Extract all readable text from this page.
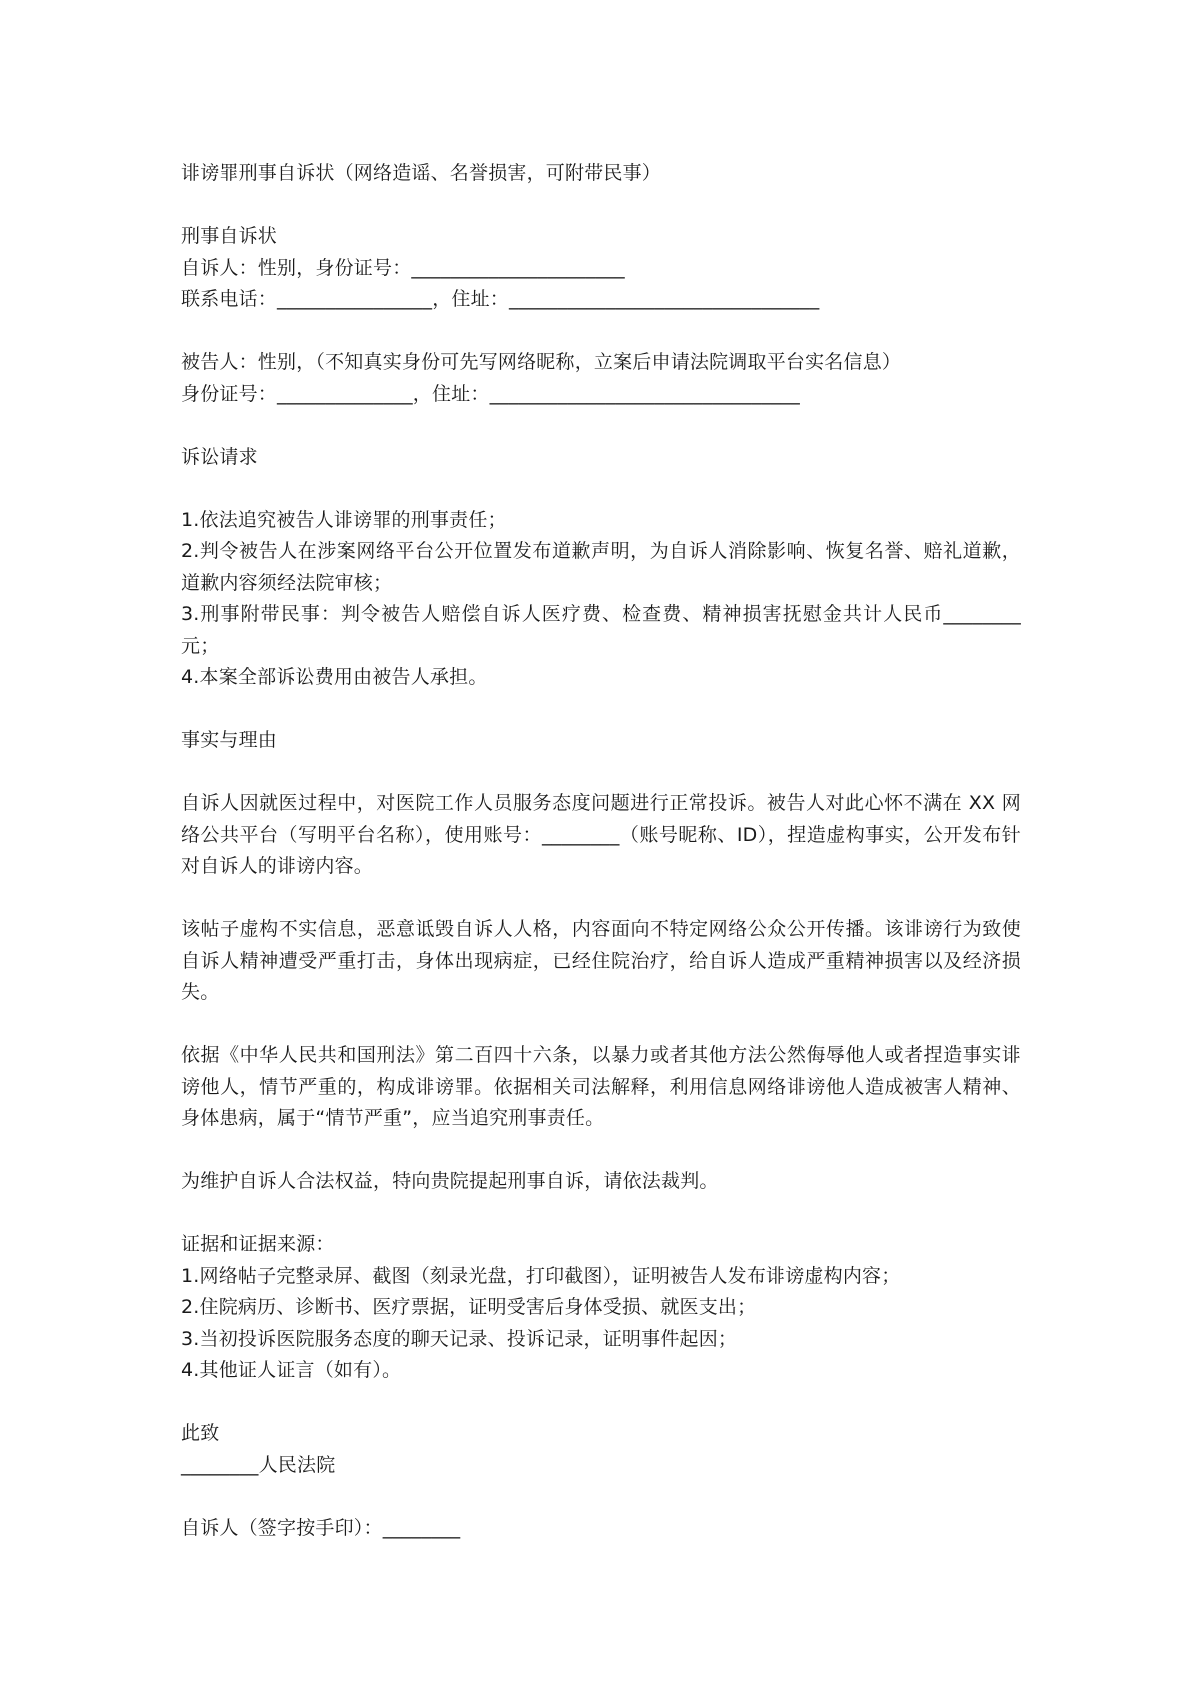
诽谤罪刑事自诉状（网络造谣、名誉损害，可附带民事）
刑事自诉状
自诉人：性别，身份证号：______________________
联系电话：________________，住址：________________________________
被告人：性别，（不知真实身份可先写网络昵称，立案后申请法院调取平台实名信息）
身份证号：______________，住址：________________________________
诉讼请求
1.依法追究被告人诽谤罪的刑事责任；
2.判令被告人在涉案网络平台公开位置发布道歉声明，为自诉人消除影响、恢复名誉、赔礼道歉，道歉内容须经法院审核；
3.刑事附带民事：判令被告人赔偿自诉人医疗费、检查费、精神损害抚慰金共计人民币________元；
4.本案全部诉讼费用由被告人承担。
事实与理由
自诉人因就医过程中，对医院工作人员服务态度问题进行正常投诉。被告人对此心怀不满在 XX 网络公共平台（写明平台名称），使用账号：________（账号昵称、ID），捏造虚构事实，公开发布针对自诉人的诽谤内容。
该帖子虚构不实信息，恶意诋毁自诉人人格，内容面向不特定网络公众公开传播。该诽谤行为致使自诉人精神遭受严重打击，身体出现病症，已经住院治疗，给自诉人造成严重精神损害以及经济损失。
依据《中华人民共和国刑法》第二百四十六条，以暴力或者其他方法公然侮辱他人或者捏造事实诽谤他人，情节严重的，构成诽谤罪。依据相关司法解释，利用信息网络诽谤他人造成被害人精神、身体患病，属于“情节严重”，应当追究刑事责任。
为维护自诉人合法权益，特向贵院提起刑事自诉，请依法裁判。
证据和证据来源：
1.网络帖子完整录屏、截图（刻录光盘，打印截图），证明被告人发布诽谤虚构内容；
2.住院病历、诊断书、医疗票据，证明受害后身体受损、就医支出；
3.当初投诉医院服务态度的聊天记录、投诉记录，证明事件起因；
4.其他证人证言（如有）。
此致
________人民法院
自诉人（签字按手印）：________
